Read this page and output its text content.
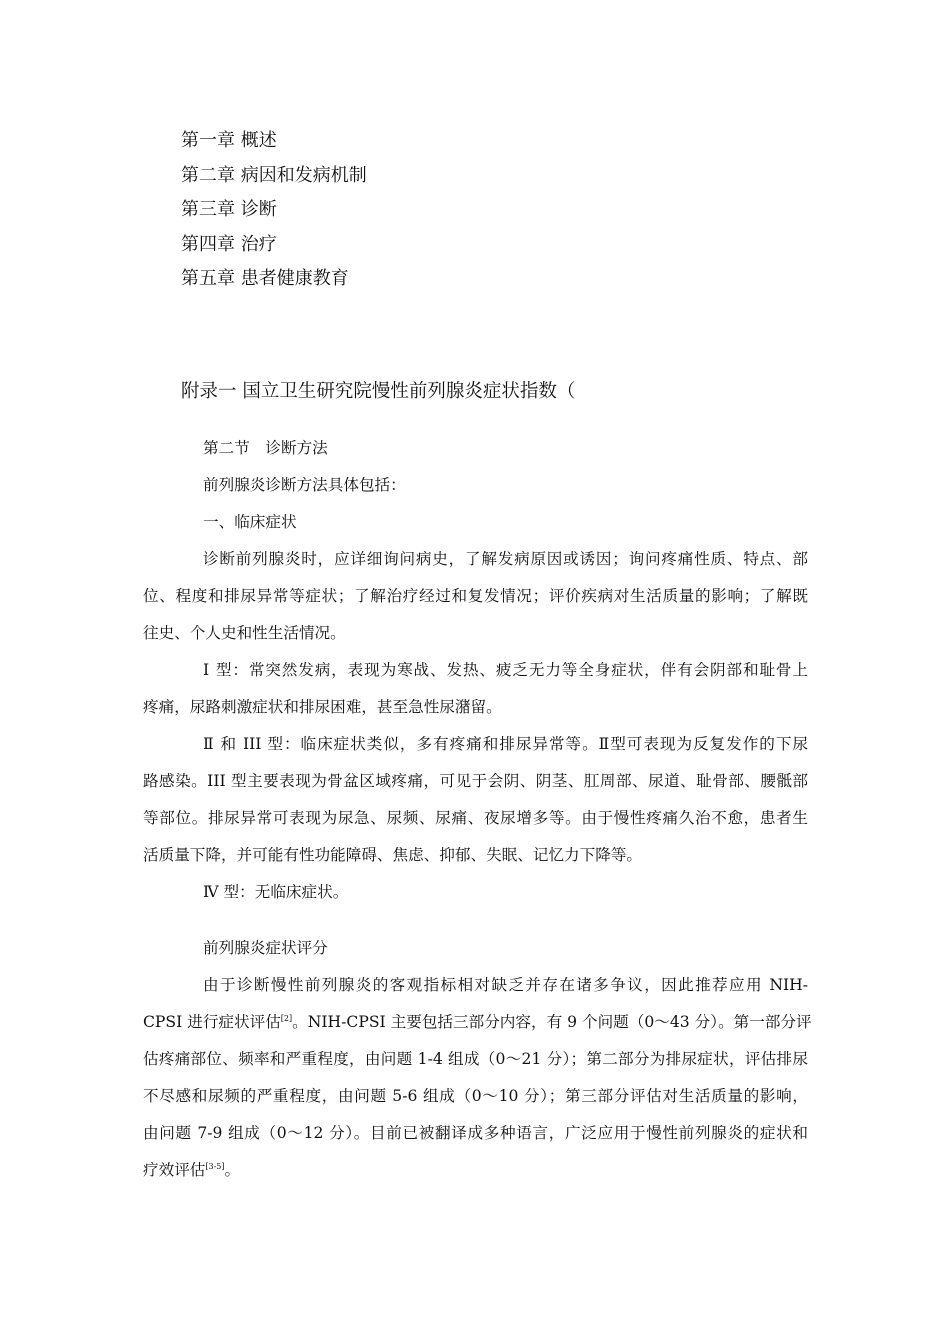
第一章 概述
第二章 病因和发病机制
第三章 诊断
第四章 治疗
第五章 患者健康教育
附录一 国立卫生研究院慢性前列腺炎症状指数（
第二节　诊断方法
前列腺炎诊断方法具体包括：
一、临床症状
诊断前列腺炎时，应详细询问病史，了解发病原因或诱因；询问疼痛性质、特点、部
位、程度和排尿异常等症状；了解治疗经过和复发情况；评价疾病对生活质量的影响；了解既
往史、个人史和性生活情况。
Ⅰ 型：常突然发病，表现为寒战、发热、疲乏无力等全身症状，伴有会阴部和耻骨上
疼痛，尿路刺激症状和排尿困难，甚至急性尿潴留。
Ⅱ 和 III 型：临床症状类似，多有疼痛和排尿异常等。Ⅱ型可表现为反复发作的下尿
路感染。III 型主要表现为骨盆区域疼痛，可见于会阴、阴茎、肛周部、尿道、耻骨部、腰骶部
等部位。排尿异常可表现为尿急、尿频、尿痛、夜尿增多等。由于慢性疼痛久治不愈，患者生
活质量下降，并可能有性功能障碍、焦虑、抑郁、失眠、记忆力下降等。
Ⅳ 型：无临床症状。
前列腺炎症状评分
由于诊断慢性前列腺炎的客观指标相对缺乏并存在诸多争议，因此推荐应用 NIH-
CPSI 进行症状评估[2]。NIH-CPSI 主要包括三部分内容，有 9 个问题（0～43 分）。第一部分评
估疼痛部位、频率和严重程度，由问题 1-4 组成（0～21 分）；第二部分为排尿症状，评估排尿
不尽感和尿频的严重程度，由问题 5-6 组成（0～10 分）；第三部分评估对生活质量的影响，
由问题 7-9 组成（0～12 分）。目前已被翻译成多种语言，广泛应用于慢性前列腺炎的症状和
疗效评估[3-5]。
